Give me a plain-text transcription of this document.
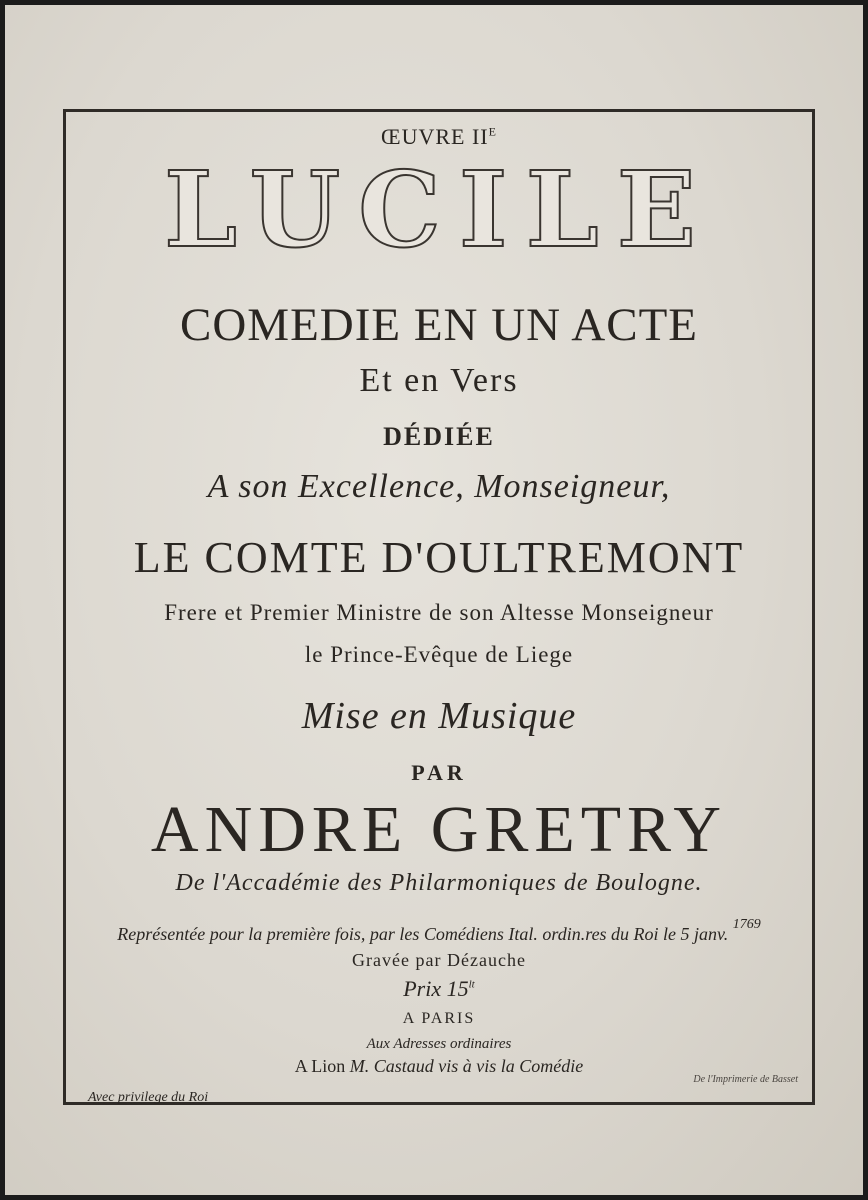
ŒUVRE $II^E$
LUCILE
COMEDIE EN UN ACTE
Et en Vers
DÉDIÉE
A son Excellence, Monseigneur,
LE COMTE D'OULTREMONT
Frere et Premier Ministre de son Altesse Monseigneur
le Prince-Evêque de Liege
Mise en Musique
PAR
ANDRE GRETRY
De l'Accadémie des Philarmoniques de Boulogne.
Représentée pour la première fois, par les Comédiens Ital. ordin.res du Roi le 5 janv. $^{1769}$
Gravée par Dézauche
Prix $15^{lt}$
A PARIS
Aux Adresses ordinaires
A Lion M. Castaud vis à vis la Comédie
De l'Imprimerie de Basset
Avec privilege du Roi
